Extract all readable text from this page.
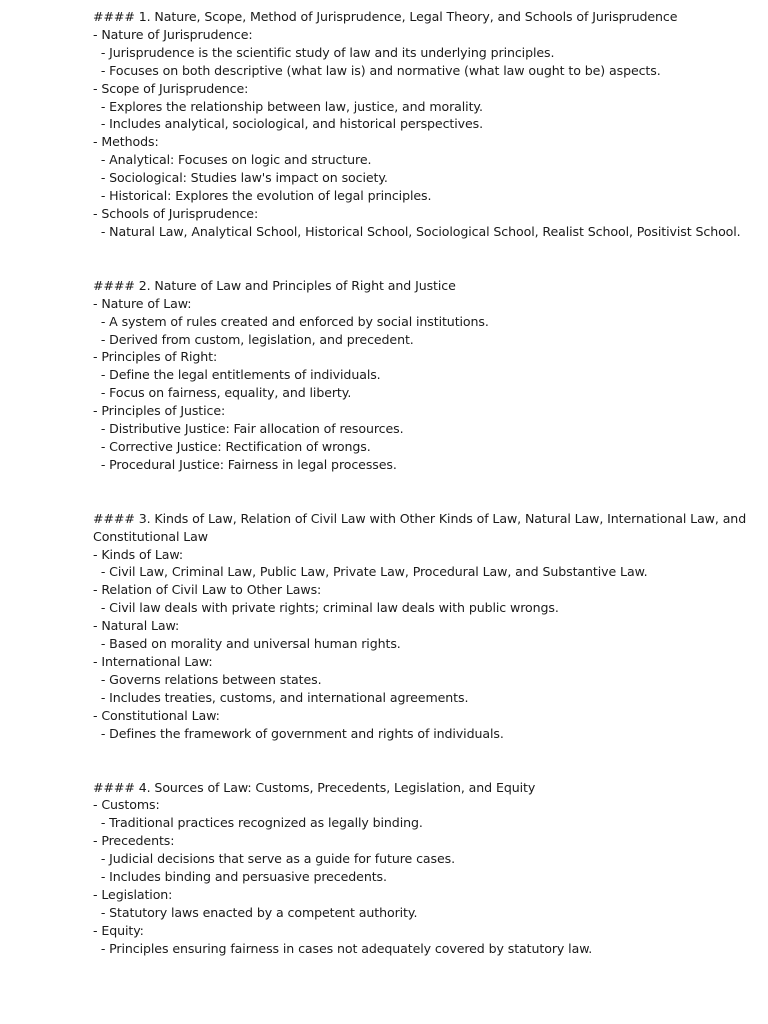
#### 1. Nature, Scope, Method of Jurisprudence, Legal Theory, and Schools of Jurisprudence
- Nature of Jurisprudence:
- Jurisprudence is the scientific study of law and its underlying principles.
- Focuses on both descriptive (what law is) and normative (what law ought to be) aspects.
- Scope of Jurisprudence:
- Explores the relationship between law, justice, and morality.
- Includes analytical, sociological, and historical perspectives.
- Methods:
- Analytical: Focuses on logic and structure.
- Sociological: Studies law's impact on society.
- Historical: Explores the evolution of legal principles.
- Schools of Jurisprudence:
- Natural Law, Analytical School, Historical School, Sociological School, Realist School, Positivist School.
#### 2. Nature of Law and Principles of Right and Justice
- Nature of Law:
- A system of rules created and enforced by social institutions.
- Derived from custom, legislation, and precedent.
- Principles of Right:
- Define the legal entitlements of individuals.
- Focus on fairness, equality, and liberty.
- Principles of Justice:
- Distributive Justice: Fair allocation of resources.
- Corrective Justice: Rectification of wrongs.
- Procedural Justice: Fairness in legal processes.
#### 3. Kinds of Law, Relation of Civil Law with Other Kinds of Law, Natural Law, International Law, and Constitutional Law
- Kinds of Law:
- Civil Law, Criminal Law, Public Law, Private Law, Procedural Law, and Substantive Law.
- Relation of Civil Law to Other Laws:
- Civil law deals with private rights; criminal law deals with public wrongs.
- Natural Law:
- Based on morality and universal human rights.
- International Law:
- Governs relations between states.
- Includes treaties, customs, and international agreements.
- Constitutional Law:
- Defines the framework of government and rights of individuals.
#### 4. Sources of Law: Customs, Precedents, Legislation, and Equity
- Customs:
- Traditional practices recognized as legally binding.
- Precedents:
- Judicial decisions that serve as a guide for future cases.
- Includes binding and persuasive precedents.
- Legislation:
- Statutory laws enacted by a competent authority.
- Equity:
- Principles ensuring fairness in cases not adequately covered by statutory law.
